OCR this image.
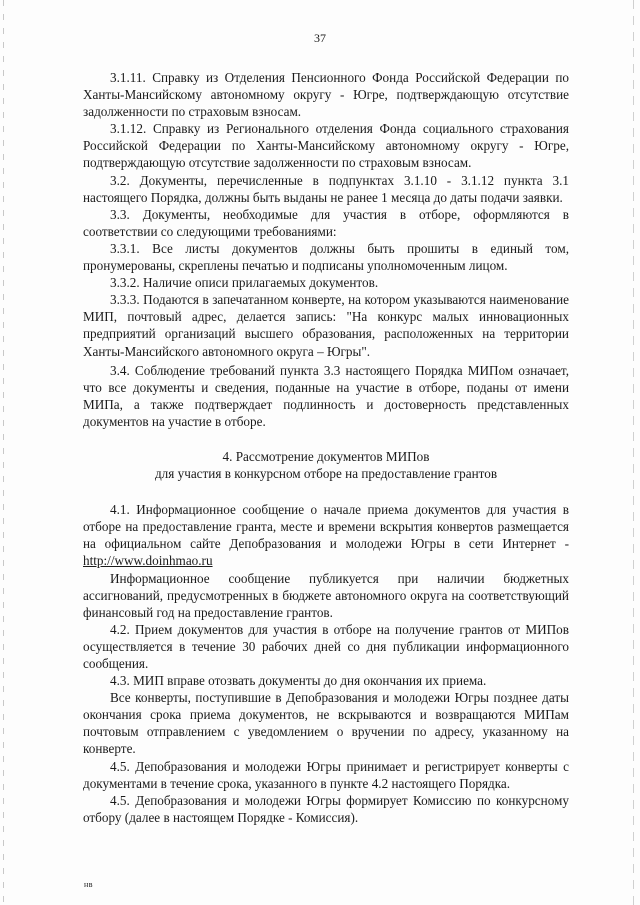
37

3.1.11. Справку из Отделения Пенсионного Фонда Российской Федерации по Ханты-Мансийскому автономному округу - Югре, подтверждающую отсутствие задолженности по страховым взносам.

3.1.12. Справку из Регионального отделения Фонда социального страхования Российской Федерации по Ханты-Мансийскому автономному округу - Югре, подтверждающую отсутствие задолженности по страховым взносам.

3.2. Документы, перечисленные в подпунктах 3.1.10 - 3.1.12 пункта 3.1 настоящего Порядка, должны быть выданы не ранее 1 месяца до даты подачи заявки.

3.3. Документы, необходимые для участия в отборе, оформляются в соответствии со следующими требованиями:

3.3.1. Все листы документов должны быть прошиты в единый том, пронумерованы, скреплены печатью и подписаны уполномоченным лицом.

3.3.2. Наличие описи прилагаемых документов.

3.3.3. Подаются в запечатанном конверте, на котором указываются наименование МИП, почтовый адрес, делается запись: "На конкурс малых инновационных предприятий организаций высшего образования, расположенных на территории Ханты-Мансийского автономного округа – Югры".

3.4. Соблюдение требований пункта 3.3 настоящего Порядка МИПом означает, что все документы и сведения, поданные на участие в отборе, поданы от имени МИПа, а также подтверждает подлинность и достоверность представленных документов на участие в отборе.

4. Рассмотрение документов МИПов
для участия в конкурсном отборе на предоставление грантов

4.1. Информационное сообщение о начале приема документов для участия в отборе на предоставление гранта, месте и времени вскрытия конвертов размещается на официальном сайте Депобразования и молодежи Югры в сети Интернет - http://www.doinhmao.ru

Информационное сообщение публикуется при наличии бюджетных ассигнований, предусмотренных в бюджете автономного округа на соответствующий финансовый год на предоставление грантов.

4.2. Прием документов для участия в отборе на получение грантов от МИПов осуществляется в течение 30 рабочих дней со дня публикации информационного сообщения.

4.3. МИП вправе отозвать документы до дня окончания их приема.

Все конверты, поступившие в Депобразования и молодежи Югры позднее даты окончания срока приема документов, не вскрываются и возвращаются МИПам почтовым отправлением с уведомлением о вручении по адресу, указанному на конверте.

4.5. Депобразования и молодежи Югры принимает и регистрирует конверты с документами в течение срока, указанного в пункте 4.2 настоящего Порядка.

4.5. Депобразования и молодежи Югры формирует Комиссию по конкурсному отбору (далее в настоящем Порядке - Комиссия).

нв
